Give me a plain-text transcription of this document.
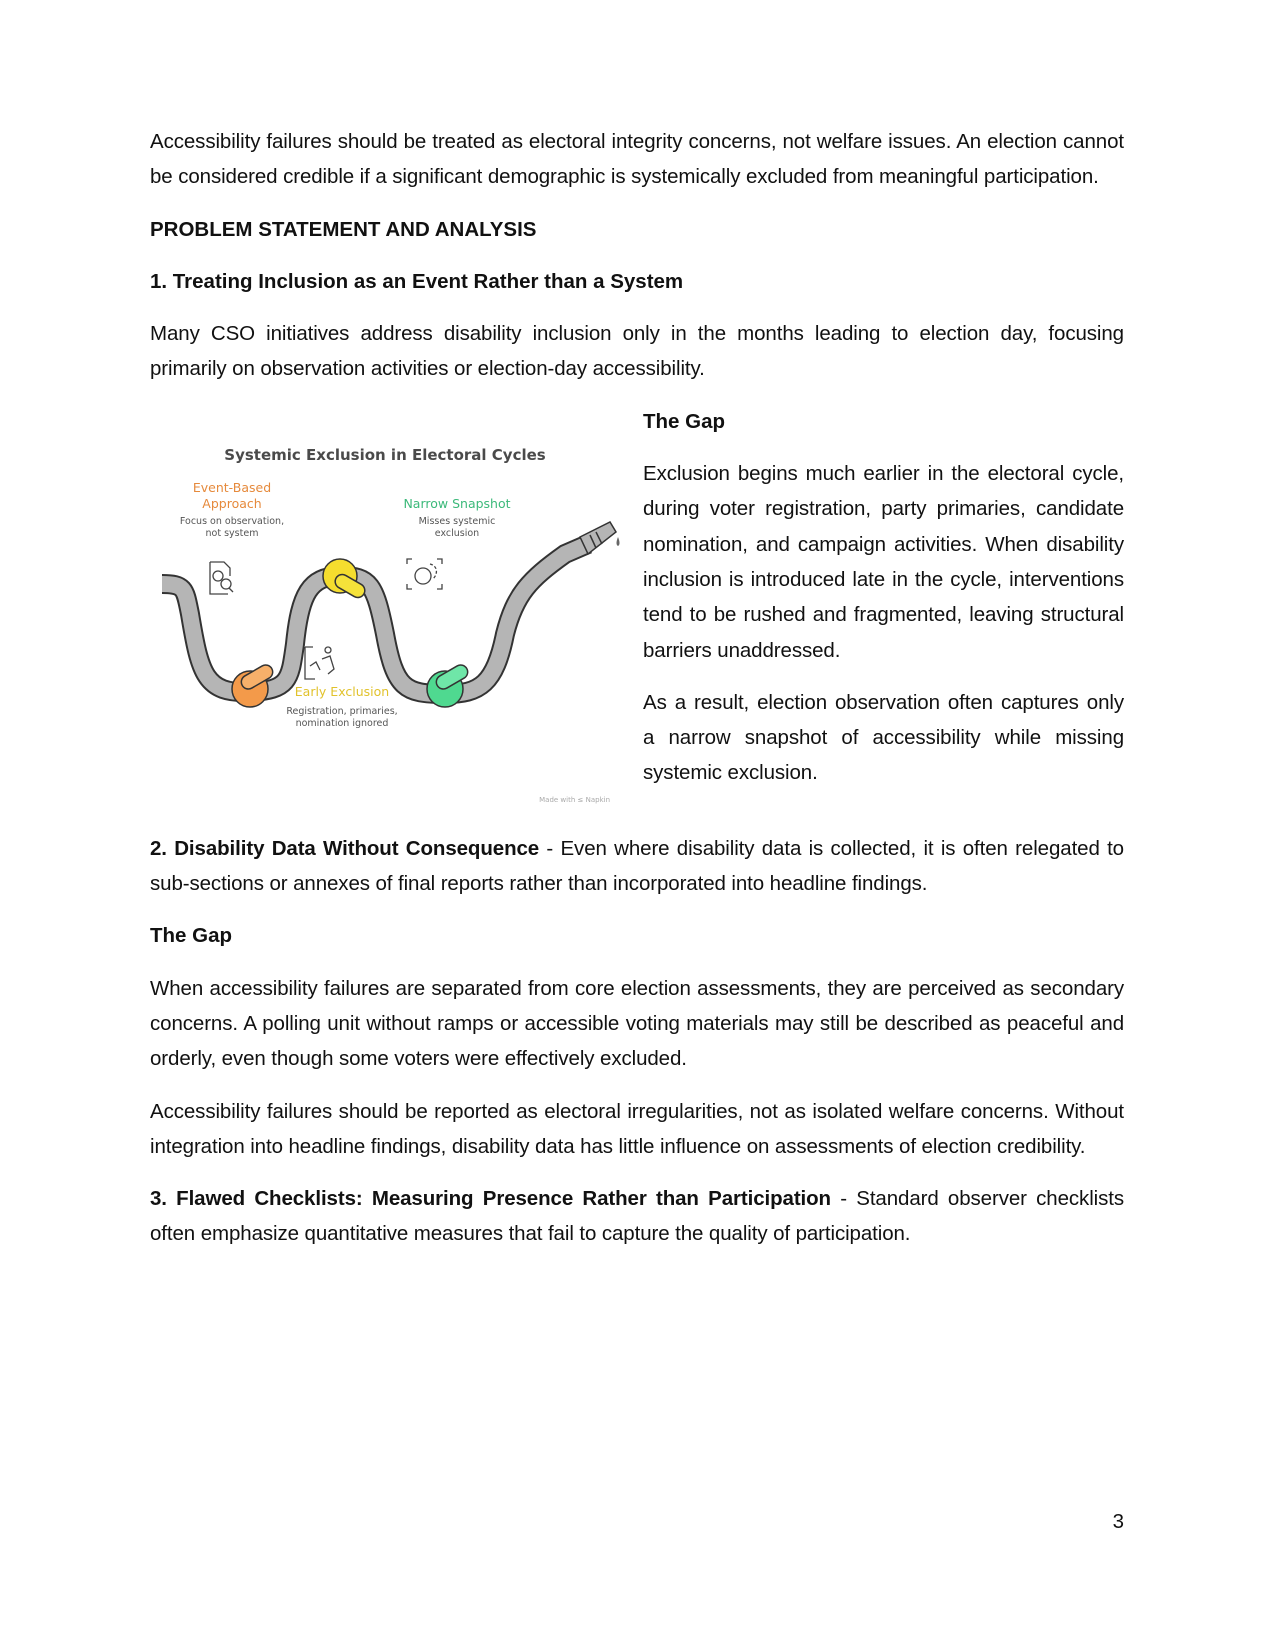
Accessibility failures should be treated as electoral integrity concerns, not welfare issues. An election cannot be considered credible if a significant demographic is systemically excluded from meaningful participation.

PROBLEM STATEMENT AND ANALYSIS
1. Treating Inclusion as an Event Rather than a System

Many CSO initiatives address disability inclusion only in the months leading to election day, focusing primarily on observation activities or election-day accessibility.

Systemic Exclusion in Electoral Cycles
Event-Based Approach
Focus on observation, not system
Narrow Snapshot
Misses systemic exclusion
Early Exclusion
Registration, primaries, nomination ignored
Made with ≤ Napkin
The Gap

Exclusion begins much earlier in the electoral cycle, during voter registration, party primaries, candidate nomination, and campaign activities. When disability inclusion is introduced late in the cycle, interventions tend to be rushed and fragmented, leaving structural barriers unaddressed.

As a result, election observation often captures only a narrow snapshot of accessibility while missing systemic exclusion.

2. Disability Data Without Consequence - Even where disability data is collected, it is often relegated to sub-sections or annexes of final reports rather than incorporated into headline findings.

The Gap

When accessibility failures are separated from core election assessments, they are perceived as secondary concerns. A polling unit without ramps or accessible voting materials may still be described as peaceful and orderly, even though some voters were effectively excluded.

Accessibility failures should be reported as electoral irregularities, not as isolated welfare concerns. Without integration into headline findings, disability data has little influence on assessments of election credibility.

3. Flawed Checklists: Measuring Presence Rather than Participation - Standard observer checklists often emphasize quantitative measures that fail to capture the quality of participation.

3
